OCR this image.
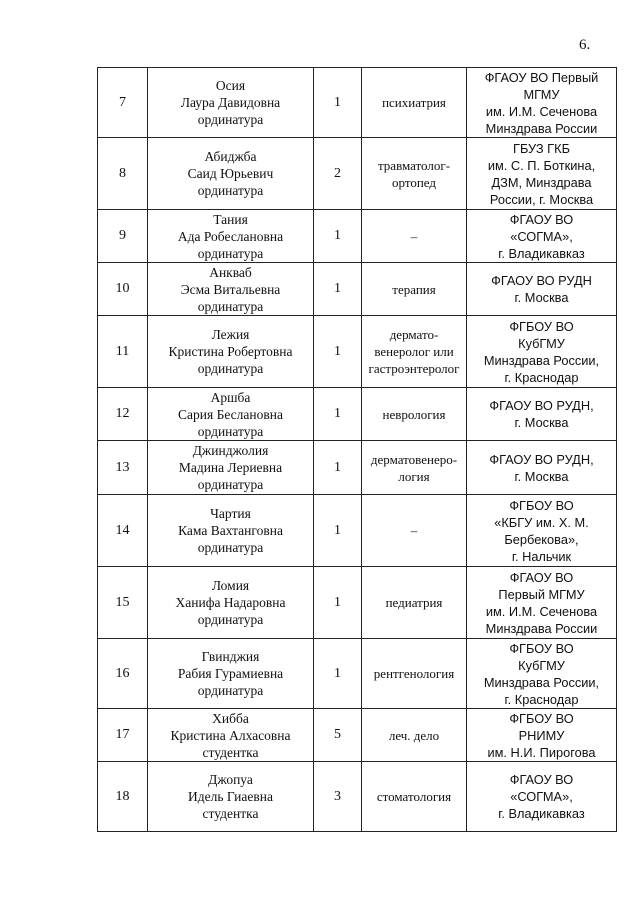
6.
7	Осия
Лаура Давидовна
ординатура	1	психиатрия	ФГАОУ ВО Первый
МГМУ
им. И.М. Сеченова
Минздрава России

8	Абиджба
Саид Юрьевич
ординатура	2	травматолог-
ортопед	ГБУЗ ГКБ
им. С. П. Боткина,
ДЗМ, Минздрава
России, г. Москва

9	Тания
Ада Робеслановна
ординатура	1	–	ФГАОУ ВО
«СОГМА»,
г. Владикавказ

10	Анкваб
Эсма Витальевна
ординатура	1	терапия	ФГАОУ ВО РУДН
г. Москва

11	Лежия
Кристина Робертовна
ординатура	1	дермато-
венеролог или
гастроэнтеролог	ФГБОУ ВО
КубГМУ
Минздрава России,
г. Краснодар

12	Аршба
Сария Беслановна
ординатура	1	неврология	ФГАОУ ВО РУДН,
г. Москва

13	Джинджолия
Мадина Лериевна
ординатура	1	дерматовенеро-
логия	ФГАОУ ВО РУДН,
г. Москва

14	Чартия
Кама Вахтанговна
ординатура	1	–	ФГБОУ ВО
«КБГУ им. Х. М.
Бербекова»,
г. Нальчик

15	Ломия
Ханифа Надаровна
ординатура	1	педиатрия	ФГАОУ ВО
Первый МГМУ
им. И.М. Сеченова
Минздрава России

16	Гвинджия
Рабия Гурамиевна
ординатура	1	рентгенология	ФГБОУ ВО
КубГМУ
Минздрава России,
г. Краснодар

17	Хибба
Кристина Алхасовна
студентка	5	леч. дело	ФГБОУ ВО
РНИМУ
им. Н.И. Пирогова

18	Джопуа
Идель Гиаевна
студентка	3	стоматология	ФГАОУ ВО
«СОГМА»,
г. Владикавказ
